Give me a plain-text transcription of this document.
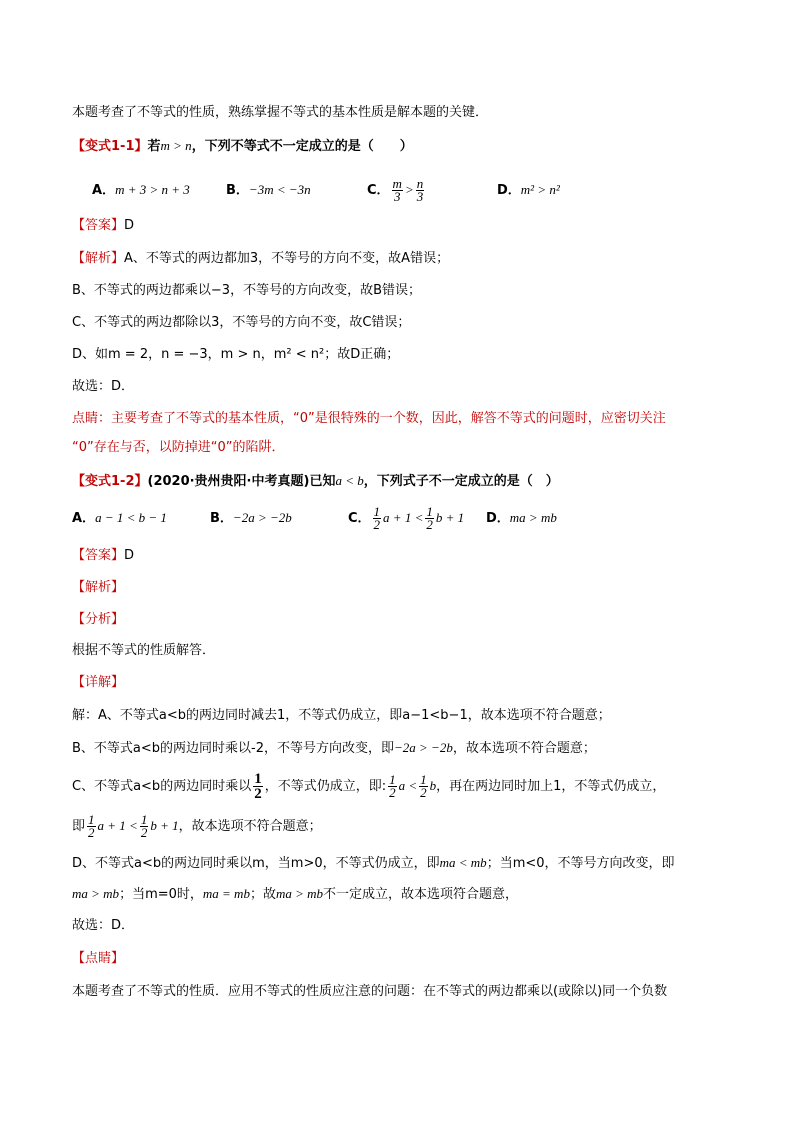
本题考查了不等式的性质，熟练掌握不等式的基本性质是解本题的关键．
【变式1-1】若m > n，下列不等式不一定成立的是（　　）
A．m + 3 > n + 3	B．−3m < −3n	C． $\frac{m}{3} > \frac{n}{3}$	D．m² > n²
【答案】D
【解析】A、不等式的两边都加3，不等号的方向不变，故A错误；
B、不等式的两边都乘以−3，不等号的方向改变，故B错误；
C、不等式的两边都除以3，不等号的方向不变，故C错误；
D、如m = 2，n = −3，m > n，m² < n²；故D正确；
故选：D．
点睛：主要考查了不等式的基本性质，“0”是很特殊的一个数，因此，解答不等式的问题时，应密切关注
“0”存在与否，以防掉进“0”的陷阱．
【变式1-2】(2020·贵州贵阳·中考真题)已知a < b，下列式子不一定成立的是（　）
A．a − 1 < b − 1	B．−2a > −2b	C． $\frac{1}{2}$ $a + 1 < \frac{1}{2}$ b + 1 D．ma > mb
【答案】D
【解析】
【分析】
根据不等式的性质解答．
【详解】
解：A、不等式a<b的两边同时减去1，不等式仍成立，即a−1<b−1，故本选项不符合题意；
B、不等式a<b的两边同时乘以-2，不等号方向改变，即−2a > −2b，故本选项不符合题意；
C、不等式a<b的两边同时乘以 $\frac{1}{2}$ ，不等式仍成立，即: $\frac{1}{2}$ $a < \frac{1}{2}$ b，再在两边同时加上1，不等式仍成立，
即 $\frac{1}{2}$ $a + 1 < \frac{1}{2}$ b + 1，故本选项不符合题意；
D、不等式a<b的两边同时乘以m，当m>0，不等式仍成立，即ma < mb；当m<0，不等号方向改变，即
ma > mb；当m=0时，ma = mb；故ma > mb不一定成立，故本选项符合题意，
故选：D．
【点睛】
本题考查了不等式的性质．应用不等式的性质应注意的问题：在不等式的两边都乘以(或除以)同一个负数
